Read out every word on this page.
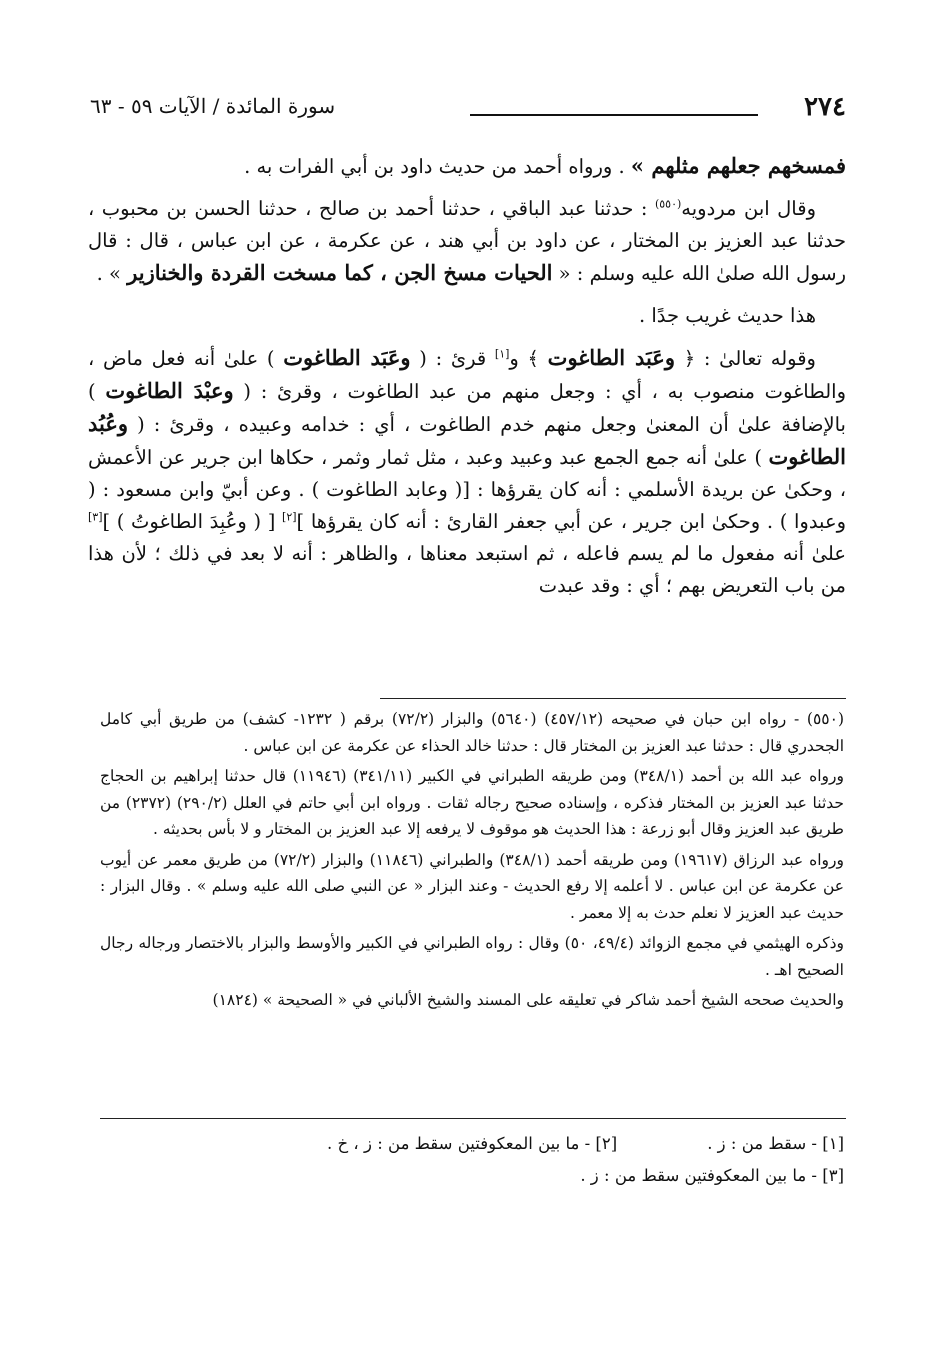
٢٧٤
سورة المائدة / الآيات ٥٩ - ٦٣

فمسخهم جعلهم مثلهم » . ورواه أحمد من حديث داود بن أبي الفرات به .

وقال ابن مردويه$^{(٥٥٠)}$ : حدثنا عبد الباقي ، حدثنا أحمد بن صالح ، حدثنا الحسن بن محبوب ، حدثنا عبد العزيز بن المختار ، عن داود بن أبي هند ، عن عكرمة ، عن ابن عباس ، قال : قال رسول الله صلىٰ الله عليه وسلم : « الحيات مسخ الجن ، كما مسخت القردة والخنازير » .

هذا حديث غريب جدًا .

وقوله تعالىٰ : ﴿ وعَبَد الطاغوت ﴾ و[١] قرئ : ( وعَبَد الطاغوت ) علىٰ أنه فعل ماض ، والطاغوت منصوب به ، أي : وجعل منهم من عبد الطاغوت ، وقرئ : ( وعبْدَ الطاغوت ) بالإضافة علىٰ أن المعنىٰ وجعل منهم خدم الطاغوت ، أي : خدامه وعبيده ، وقرئ : ( وعُبُد الطاغوت ) علىٰ أنه جمع الجمع عبد وعبيد وعبد ، مثل ثمار وثمر ، حكاها ابن جرير عن الأعمش ، وحكىٰ عن بريدة الأسلمي : أنه كان يقرؤها : [( وعابد الطاغوت ) . وعن أبيّ وابن مسعود : ( وعبدوا ) . وحكىٰ ابن جرير ، عن أبي جعفر القارئ : أنه كان يقرؤها ][٢] [ ( وعُبِدَ الطاغوتُ ) ][٣] علىٰ أنه مفعول ما لم يسم فاعله ، ثم استبعد معناها ، والظاهر : أنه لا بعد في ذلك ؛ لأن هذا من باب التعريض بهم ؛ أي : وقد عبدت

(٥٥٠) - رواه ابن حبان في صحيحه (٤٥٧/١٢) (٥٦٤٠) والبزار (٧٢/٢) برقم ( ١٢٣٢- كشف) من طريق أبي كامل الجحدري قال : حدثنا عبد العزيز بن المختار قال : حدثنا خالد الحذاء عن عكرمة عن ابن عباس .

ورواه عبد الله بن أحمد (٣٤٨/١) ومن طريقه الطبراني في الكبير (٣٤١/١١) (١١٩٤٦) قال حدثنا إبراهيم بن الحجاج حدثنا عبد العزيز بن المختار فذكره ، وإسناده صحيح رجاله ثقات . ورواه ابن أبي حاتم في العلل (٢٩٠/٢) (٢٣٧٢) من طريق عبد العزيز وقال أبو زرعة : هذا الحديث هو موقوف لا يرفعه إلا عبد العزيز بن المختار و لا بأس بحديثه .

ورواه عبد الرزاق (١٩٦١٧) ومن طريقه أحمد (٣٤٨/١) والطبراني (١١٨٤٦) والبزار (٧٢/٢) من طريق معمر عن أيوب عن عكرمة عن ابن عباس . لا أعلمه إلا رفع الحديث - وعند البزار « عن النبي صلى الله عليه وسلم » . وقال البزار : حديث عبد العزيز لا نعلم حدث به إلا معمر .

وذكره الهيثمي في مجمع الزوائد (٤٩/٤، ٥٠) وقال : رواه الطبراني في الكبير والأوسط والبزار بالاختصار ورجاله رجال الصحيح اهـ .

والحديث صححه الشيخ أحمد شاكر في تعليقه على المسند والشيخ الألباني في « الصحيحة » (١٨٢٤)

[١] - سقط من : ز .
[٢] - ما بين المعكوفتين سقط من : ز ، خ .
[٣] - ما بين المعكوفتين سقط من : ز .
